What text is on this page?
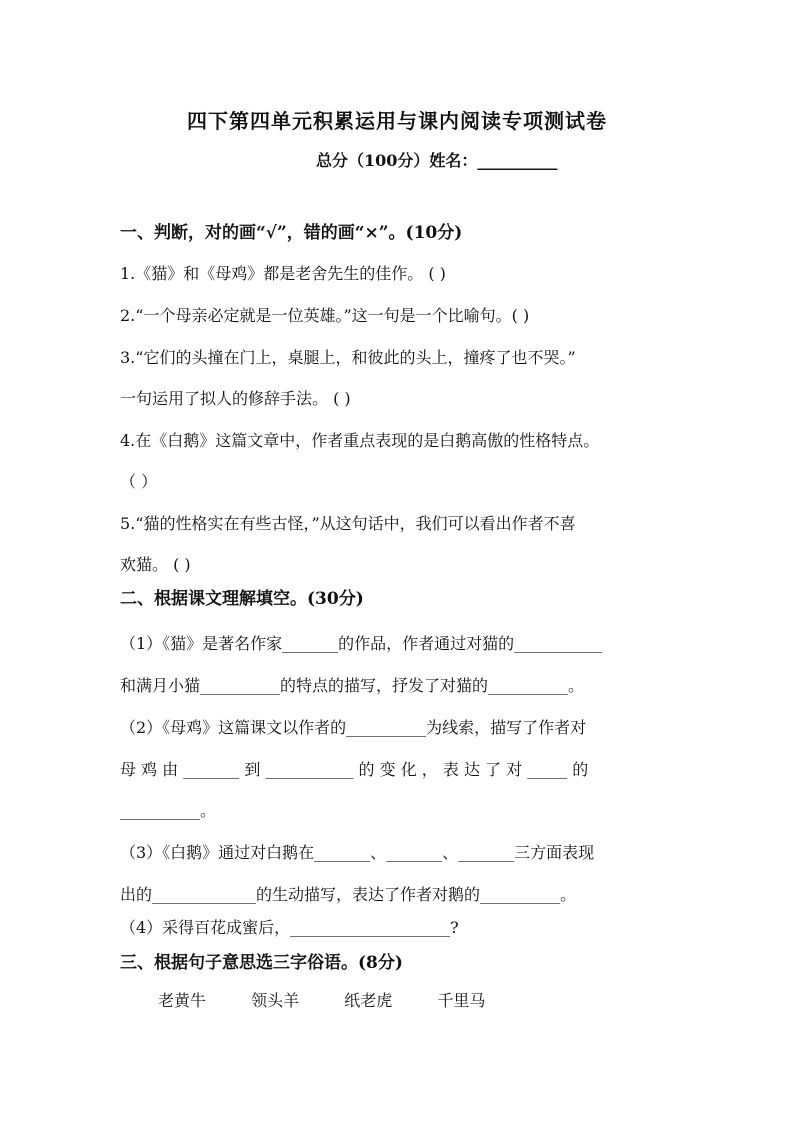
四下第四单元积累运用与课内阅读专项测试卷
总分（100分）姓名：__________
一、判断，对的画“√”，错的画“×”。(10分)
1.《猫》和《母鸡》都是老舍先生的佳作。 ( )
2.“一个母亲必定就是一位英雄。”这一句是一个比喻句。( )
3.“它们的头撞在门上，桌腿上，和彼此的头上，撞疼了也不哭。”
一句运用了拟人的修辞手法。 ( )
4.在《白鹅》这篇文章中，作者重点表现的是白鹅高傲的性格特点。
（ ）
5.“猫的性格实在有些古怪，”从这句话中，我们可以看出作者不喜
欢猫。 ( )
二、根据课文理解填空。(30分)
（1）《猫》是著名作家_______的作品，作者通过对猫的___________
和满月小猫__________的特点的描写，抒发了对猫的__________。
（2）《母鸡》这篇课文以作者的__________为线索，描写了作者对
母 鸡 由 _______ 到 ___________ 的 变 化 ， 表 达 了 对 _____ 的
__________。
（3）《白鹅》通过对白鹅在_______、_______、_______三方面表现
出的_____________的生动描写，表达了作者对鹅的__________。
（4）采得百花成蜜后，____________________?
三、根据句子意思选三字俗语。(8分)
老黄牛	领头羊	纸老虎	千里马
